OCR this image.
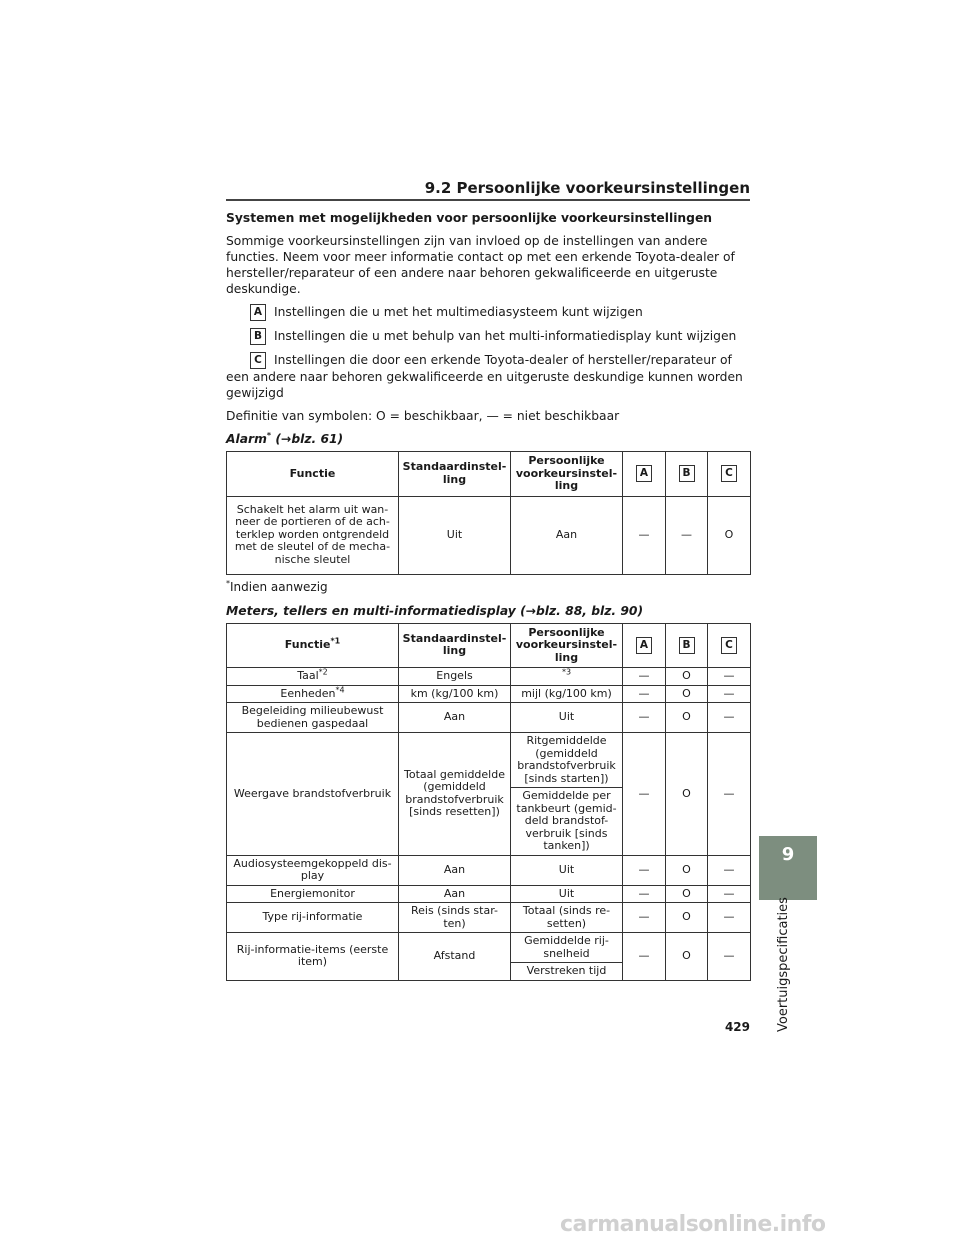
9.2 Persoonlijke voorkeursinstellingen

Systemen met mogelijkheden voor persoonlijke voorkeursinstellingen

Sommige voorkeursinstellingen zijn van invloed op de instellingen van andere functies. Neem voor meer informatie contact op met een erkende Toyota-dealer of hersteller/reparateur of een andere naar behoren gekwalificeerde en uitgeruste deskundige.

A Instellingen die u met het multimediasysteem kunt wijzigen

B Instellingen die u met behulp van het multi-informatiedisplay kunt wijzigen

C Instellingen die door een erkende Toyota-dealer of hersteller/reparateur of een andere naar behoren gekwalificeerde en uitgeruste deskundige kunnen worden gewijzigd

Definitie van symbolen: O = beschikbaar, — = niet beschikbaar

Alarm* (→blz. 61)

Functie	Standaardinstel-ling	Persoonlijke voorkeursinstel-ling	A	B	C
Schakelt het alarm uit wan-neer de portieren of de ach-terklep worden ontgrendeld met de sleutel of de mecha-nische sleutel	Uit	Aan	—	—	O

*Indien aanwezig

Meters, tellers en multi-informatiedisplay (→blz. 88, blz. 90)

Functie$^{*1}$	Standaardinstel-ling	Persoonlijke voorkeursinstel-ling	A	B	C
Taal$^{*2}$	Engels	$^{*3}$	—	O	—
Eenheden$^{*4}$	km (kg/100 km)	mijl (kg/100 km)	—	O	—
Begeleiding milieubewust bedienen gaspedaal	Aan	Uit	—	O	—
Weergave brandstofverbruik	Totaal gemiddelde (gemiddeld brandstofverbruik [sinds resetten])	Ritgemiddelde (gemiddeld brandstofverbruik [sinds starten])	—	O	—
		Gemiddelde per tankbeurt (gemid-deld brandstof-verbruik [sinds tanken])			
Audiosysteemgekoppeld dis-play	Aan	Uit	—	O	—
Energiemonitor	Aan	Uit	—	O	—
Type rij-informatie	Reis (sinds star-ten)	Totaal (sinds re-setten)	—	O	—
Rij-informatie-items (eerste item)	Afstand	Gemiddelde rij-snelheid	—	O	—
		Verstreken tijd			
9
Voertuigspecificaties
429
carmanualsonline.info
